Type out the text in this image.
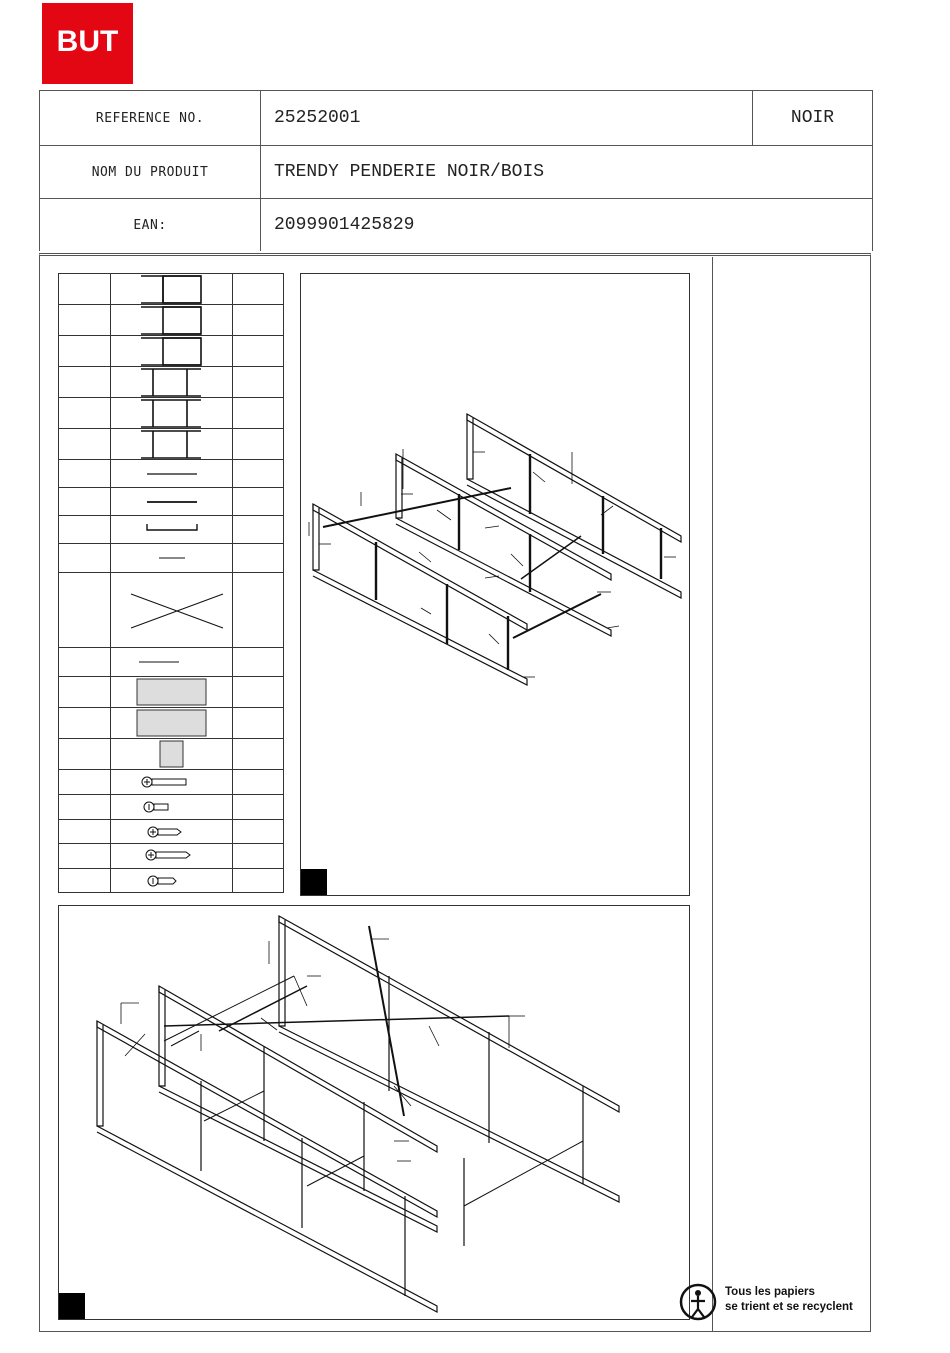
BUT
REFERENCE NO.	25252001	NOIR
NOM DU PRODUIT	TRENDY PENDERIE NOIR/BOIS
EAN:	2099901425829
Tous les papiers
se trient et se recyclent
